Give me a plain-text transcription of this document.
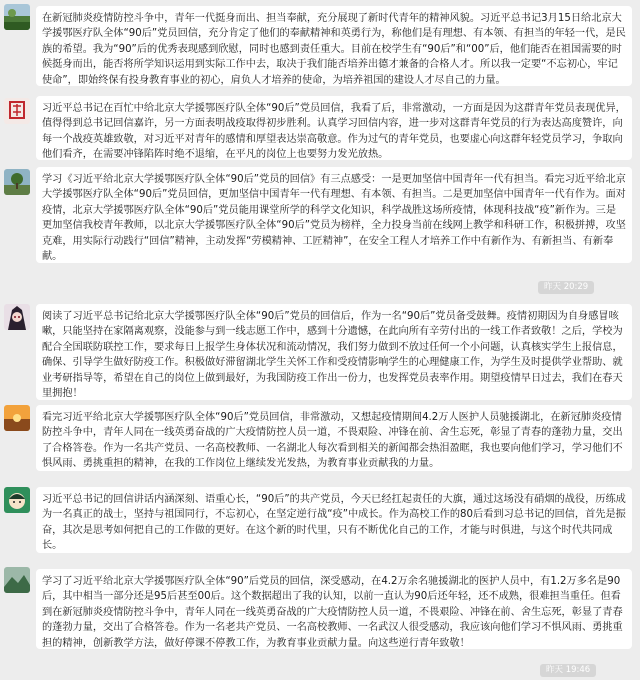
在新冠肺炎疫情防控斗争中，青年一代挺身而出、担当奉献，充分展现了新时代青年的精神风貌。习近平总书记3月15日给北京大学援鄂医疗队全体“90后”党员回信，充分肯定了他们的奉献精神和英勇行为，称他们是有理想、有本领、有担当的年轻一代，是民族的希望。我为“90”后的优秀表现感到欣慰，同时也感到责任重大。目前在校学生有“90后”和“00”后，他们能否在祖国需要的时候挺身而出，能否将所学知识运用到实际工作中去，取决于我们能否培养出德才兼备的合格人才。所以我一定要“不忘初心，牢记使命”，即始终保有投身教育事业的初心，肩负人才培养的使命，为培养祖国的建设人才尽自己的力量。
习近平总书记在百忙中给北京大学援鄂医疗队全体“90后”党员回信，我看了后，非常激动，一方面是因为这群青年党员表现优异，值得得到总书记回信嘉许，另一方面表明战疫取得初步胜利。认真学习回信内容，进一步对这群青年党员的行为表达高度赞许，向每一个战疫英雄致敬，对习近平对青年的感情和厚望表达崇高敬意。作为过气的青年党员，也要虚心向这群年轻党员学习，争取向他们看齐，在需要冲锋陷阵时绝不退缩，在平凡的岗位上也要努力发光放热。
学习《习近平给北京大学援鄂医疗队全体“90后”党员的回信》有三点感受：一是更加坚信中国青年一代有担当。看完习近平给北京大学援鄂医疗队全体“90后”党员回信，更加坚信中国青年一代有理想、有本领、有担当。二是更加坚信中国青年一代有作为。面对疫情，北京大学援鄂医疗队全体“90后”党员能用课堂所学的科学文化知识，科学战胜这场所疫情，体现科技战“疫”新作为。三是更加坚信我校青年教师，以北京大学援鄂医疗队全体“90后”党员为榜样，全力投身当前在线网上教学和科研工作，积极拼搏，攻坚克难，用实际行动践行“回信”精神，主动发挥“劳模精神、工匠精神”，在安全工程人才培养工作中有新作为、有新担当、有新奉献。
昨天 20:29
阅读了习近平总书记给北京大学援鄂医疗队全体“90后”党员的回信后，作为一名“90后”党员备受鼓舞。疫情初期因为自身感冒咳嗽，只能坚持在家隔离观察，没能参与到一线志愿工作中，感到十分遗憾，在此向所有辛劳付出的一线工作者致敬！之后，学校为配合全国联防联控工作，要求每日上报学生身体状况和流动情况，我们努力做到不放过任何一个小问题，认真核实学生上报信息，确保、引导学生做好防疫工作。积极做好滞留湖北学生关怀工作和受疫情影响学生的心理健康工作，为学生及时提供学业帮助、就业考研指导等，希望在自己的岗位上做到最好，为我国防疫工作出一份力，也发挥党员表率作用。期望疫情早日过去，我们在春天里拥抱！
看完习近平给北京大学援鄂医疗队全体“90后”党员回信，非常激动，又想起疫情期间4.2万人医护人员驰援湖北，在新冠肺炎疫情防控斗争中，青年人同在一线英勇奋战的广大疫情防控人员一道，不畏艰险、冲锋在前、舍生忘死，彰显了青春的蓬勃力量，交出了合格答卷。作为一名共产党员、一名高校教师、一名湖北人每次看到相关的新闻都会热泪盈眶，我也要向他们学习，学习他们不惧风雨、勇挑重担的精神，在我的工作岗位上继续发光发热，为教育事业贡献我的力量。
习近平总书记的回信讲话内涵深刻、语重心长，“90后”的共产党员，今天已经扛起责任的大旗，通过这场没有硝烟的战役，历练成为一名真正的战士，坚持与祖国同行，不忘初心，在坚定逆行战“疫”中成长。作为高校工作的80后看到习总书记的回信，首先是振奋，其次是思考如何把自己的工作做的更好。在这个新的时代里，只有不断优化自己的工作，才能与时俱进，与这个时代共同成长。
学习了习近平给北京大学援鄂医疗队全体“90”后党员的回信，深受感动，在4.2万余名驰援湖北的医护人员中，有1.2万多名是90后，其中相当一部分还是95后甚至00后。这个数据超出了我的认知，以前一直认为90后还年轻，还不成熟，很难担当重任。但看到在新冠肺炎疫情防控斗争中，青年人同在一线英勇奋战的广大疫情防控人员一道，不畏艰险、冲锋在前、舍生忘死，彰显了青春的蓬勃力量，交出了合格答卷。作为一名老共产党员、一名高校教师、一名武汉人很受感动，我应该向他们学习不惧风雨、勇挑重担的精神，创新教学方法，做好停课不停教工作，为教育事业贡献力量。向这些逆行青年致敬！
昨天 19:46
